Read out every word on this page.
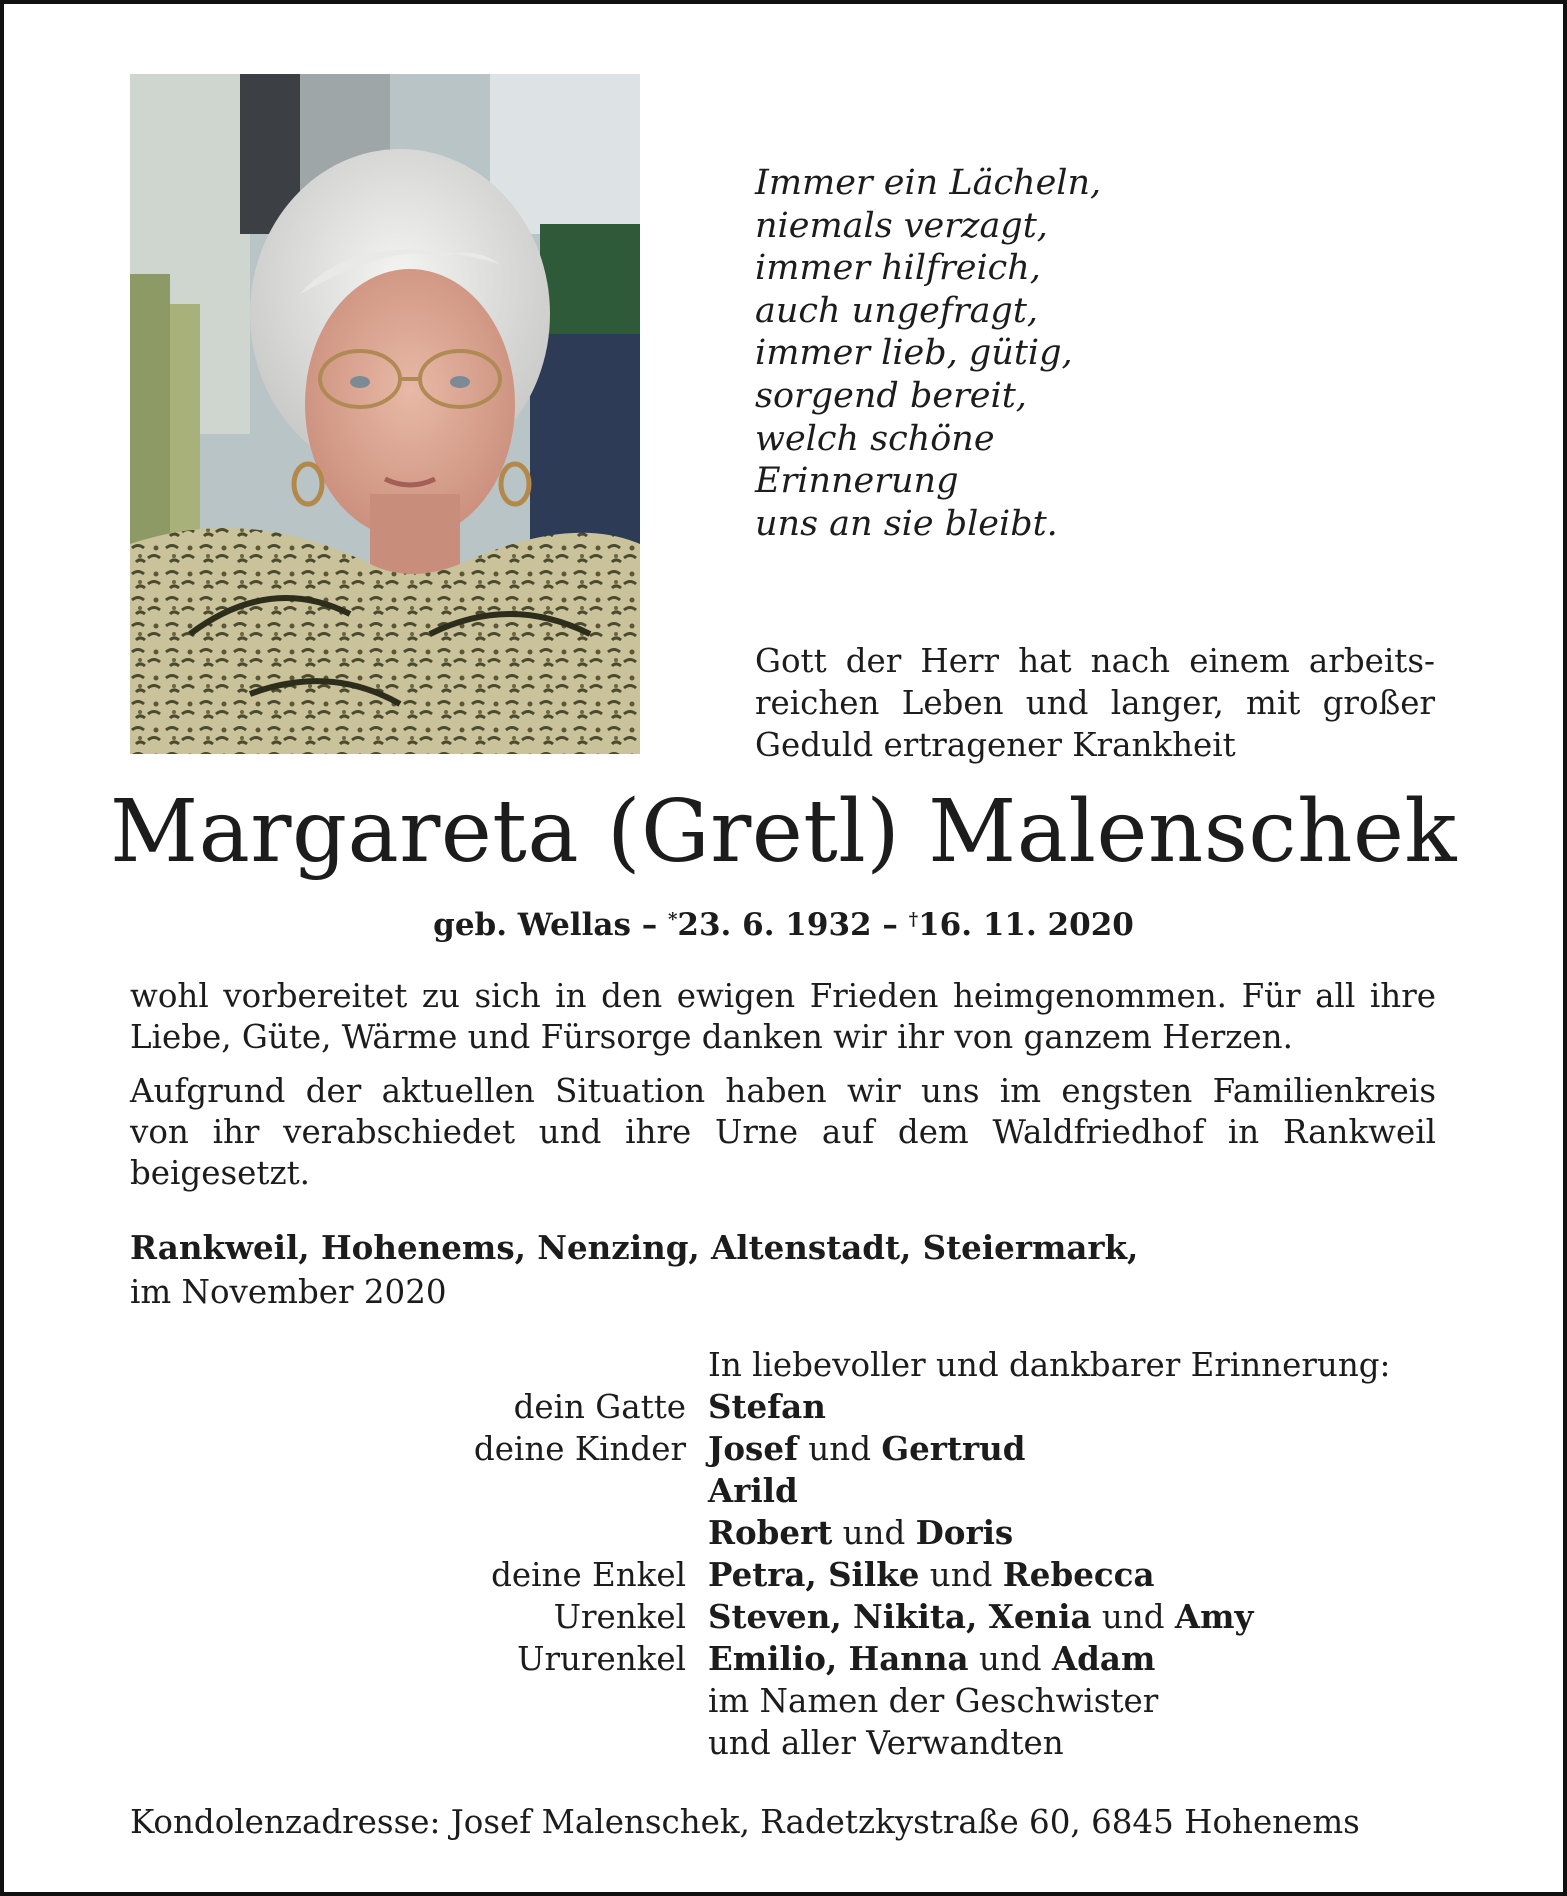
Immer ein Lächeln,
niemals verzagt,
immer hilfreich,
auch ungefragt,
immer lieb, gütig,
sorgend bereit,
welch schöne
Erinnerung
uns an sie bleibt.
Gott der Herr hat nach einem arbeits-
reichen Leben und langer, mit großer
Geduld ertragener Krankheit
Margareta (Gretl) Malenschek
geb. Wellas – *23. 6. 1932 – †16. 11. 2020
wohl vorbereitet zu sich in den ewigen Frieden heimgenommen. Für all ihre
Liebe, Güte, Wärme und Fürsorge danken wir ihr von ganzem Herzen.
Aufgrund der aktuellen Situation haben wir uns im engsten Familienkreis
von ihr verabschiedet und ihre Urne auf dem Waldfriedhof in Rankweil
beigesetzt.
Rankweil, Hohenems, Nenzing, Altenstadt, Steiermark,
im November 2020
In liebevoller und dankbarer Erinnerung:
dein Gatte Stefan
deine Kinder Josef und Gertrud
Arild
Robert und Doris
deine Enkel Petra, Silke und Rebecca
Urenkel Steven, Nikita, Xenia und Amy
Ururenkel Emilio, Hanna und Adam
im Namen der Geschwister
und aller Verwandten
Kondolenzadresse: Josef Malenschek, Radetzkystraße 60, 6845 Hohenems
